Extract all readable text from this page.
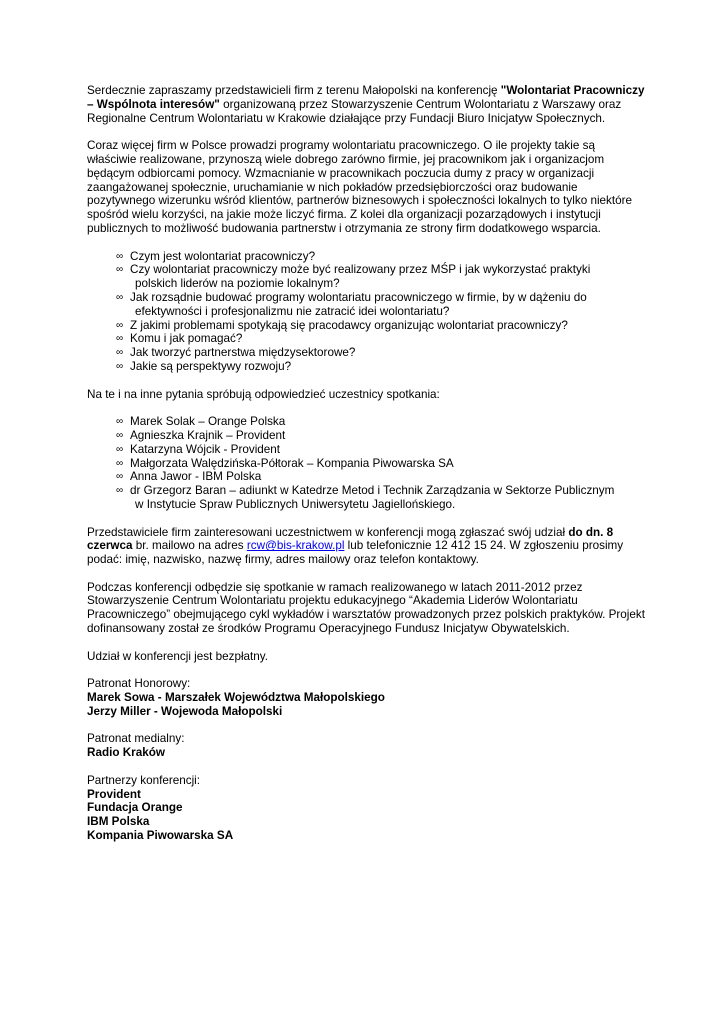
Serdecznie zapraszamy przedstawicieli firm z terenu Małopolski na konferencję "Wolontariat Pracowniczy – Wspólnota interesów" organizowaną przez Stowarzyszenie Centrum Wolontariatu z Warszawy oraz Regionalne Centrum Wolontariatu w Krakowie działające przy Fundacji Biuro Inicjatyw Społecznych.

Coraz więcej firm w Polsce prowadzi programy wolontariatu pracowniczego. O ile projekty takie są właściwie realizowane, przynoszą wiele dobrego zarówno firmie, jej pracownikom jak i organizacjom będącym odbiorcami pomocy. Wzmacnianie w pracownikach poczucia dumy z pracy w organizacji zaangażowanej społecznie, uruchamianie w nich pokładów przedsiębiorczości oraz budowanie pozytywnego wizerunku wśród klientów, partnerów biznesowych i społeczności lokalnych to tylko niektóre spośród wielu korzyści, na jakie może liczyć firma. Z kolei dla organizacji pozarządowych i instytucji publicznych to możliwość budowania partnerstw i otrzymania ze strony firm dodatkowego wsparcia.

∞ Czym jest wolontariat pracowniczy?
∞ Czy wolontariat pracowniczy może być realizowany przez MŚP i jak wykorzystać praktyki
polskich liderów na poziomie lokalnym?
∞ Jak rozsądnie budować programy wolontariatu pracowniczego w firmie, by w dążeniu do
efektywności i profesjonalizmu nie zatracić idei wolontariatu?
∞ Z jakimi problemami spotykają się pracodawcy organizując wolontariat pracowniczy?
∞ Komu i jak pomagać?
∞ Jak tworzyć partnerstwa międzysektorowe?
∞ Jakie są perspektywy rozwoju?

Na te i na inne pytania spróbują odpowiedzieć uczestnicy spotkania:

∞ Marek Solak – Orange Polska
∞ Agnieszka Krajnik – Provident
∞ Katarzyna Wójcik - Provident
∞ Małgorzata Walędzińska-Półtorak – Kompania Piwowarska SA
∞ Anna Jawor - IBM Polska
∞ dr Grzegorz Baran – adiunkt w Katedrze Metod i Technik Zarządzania w Sektorze Publicznym
w Instytucie Spraw Publicznych Uniwersytetu Jagiellońskiego.

Przedstawiciele firm zainteresowani uczestnictwem w konferencji mogą zgłaszać swój udział do dn. 8 czerwca br. mailowo na adres rcw@bis-krakow.pl lub telefonicznie 12 412 15 24. W zgłoszeniu prosimy podać: imię, nazwisko, nazwę firmy, adres mailowy oraz telefon kontaktowy.

Podczas konferencji odbędzie się spotkanie w ramach realizowanego w latach 2011-2012 przez Stowarzyszenie Centrum Wolontariatu projektu edukacyjnego “Akademia Liderów Wolontariatu Pracowniczego” obejmującego cykl wykładów i warsztatów prowadzonych przez polskich praktyków. Projekt dofinansowany został ze środków Programu Operacyjnego Fundusz Inicjatyw Obywatelskich.

Udział w konferencji jest bezpłatny.

Patronat Honorowy:

Marek Sowa - Marszałek Województwa Małopolskiego

Jerzy Miller - Wojewoda Małopolski

Patronat medialny:

Radio Kraków

Partnerzy konferencji:

Provident

Fundacja Orange

IBM Polska

Kompania Piwowarska SA
